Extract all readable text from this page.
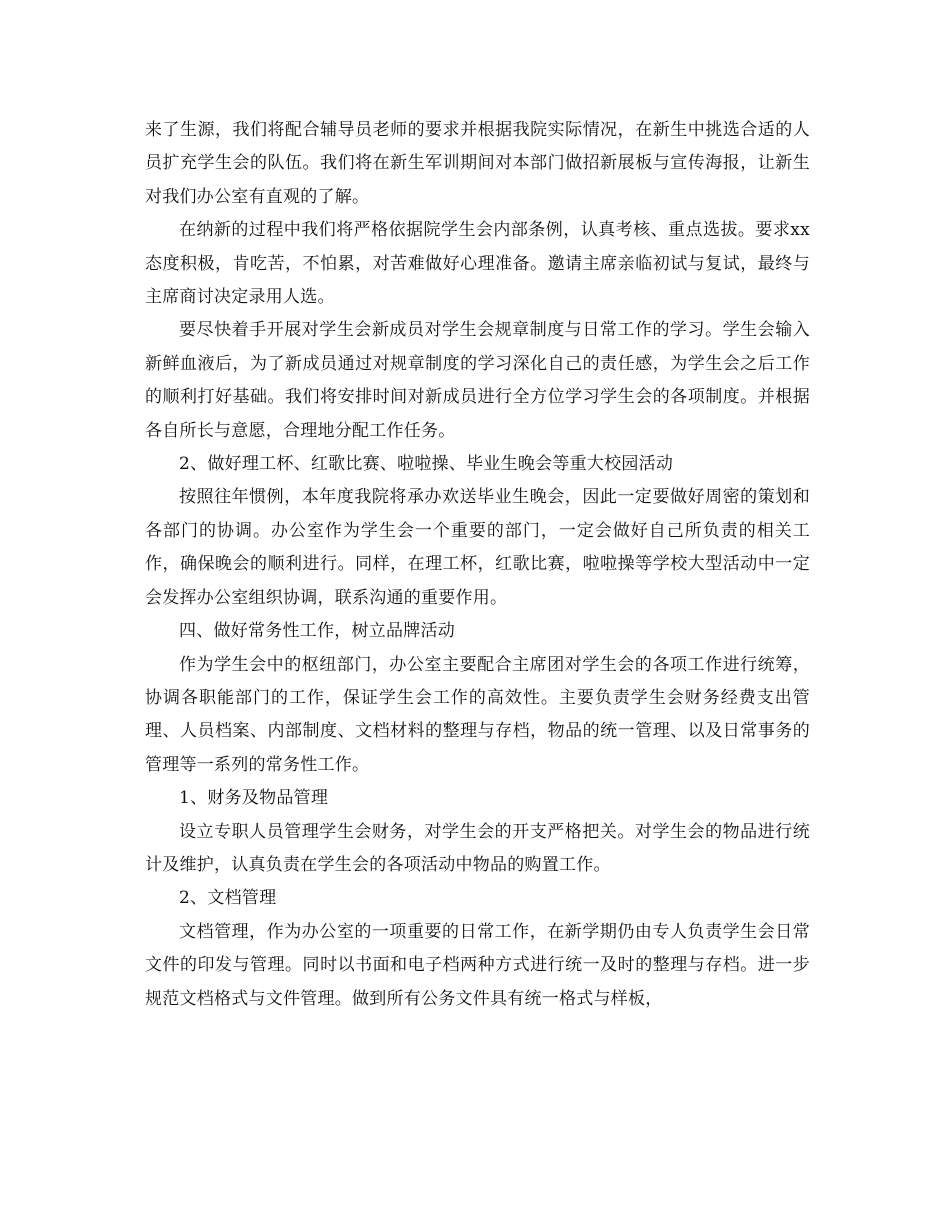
来了生源，我们将配合辅导员老师的要求并根据我院实际情况，在新生中挑选合适的人员扩充学生会的队伍。我们将在新生军训期间对本部门做招新展板与宣传海报，让新生对我们办公室有直观的了解。

在纳新的过程中我们将严格依据院学生会内部条例，认真考核、重点选拔。要求xx态度积极，肯吃苦，不怕累，对苦难做好心理准备。邀请主席亲临初试与复试，最终与主席商讨决定录用人选。

要尽快着手开展对学生会新成员对学生会规章制度与日常工作的学习。学生会输入新鲜血液后，为了新成员通过对规章制度的学习深化自己的责任感，为学生会之后工作的顺利打好基础。我们将安排时间对新成员进行全方位学习学生会的各项制度。并根据各自所长与意愿，合理地分配工作任务。

2、做好理工杯、红歌比赛、啦啦操、毕业生晚会等重大校园活动

按照往年惯例，本年度我院将承办欢送毕业生晚会，因此一定要做好周密的策划和各部门的协调。办公室作为学生会一个重要的部门，一定会做好自己所负责的相关工作，确保晚会的顺利进行。同样，在理工杯，红歌比赛，啦啦操等学校大型活动中一定会发挥办公室组织协调，联系沟通的重要作用。

四、做好常务性工作，树立品牌活动

作为学生会中的枢纽部门，办公室主要配合主席团对学生会的各项工作进行统筹，协调各职能部门的工作，保证学生会工作的高效性。主要负责学生会财务经费支出管理、人员档案、内部制度、文档材料的整理与存档，物品的统一管理、以及日常事务的管理等一系列的常务性工作。

1、财务及物品管理

设立专职人员管理学生会财务，对学生会的开支严格把关。对学生会的物品进行统计及维护，认真负责在学生会的各项活动中物品的购置工作。

2、文档管理

文档管理，作为办公室的一项重要的日常工作，在新学期仍由专人负责学生会日常文件的印发与管理。同时以书面和电子档两种方式进行统一及时的整理与存档。进一步规范文档格式与文件管理。做到所有公务文件具有统一格式与样板，
